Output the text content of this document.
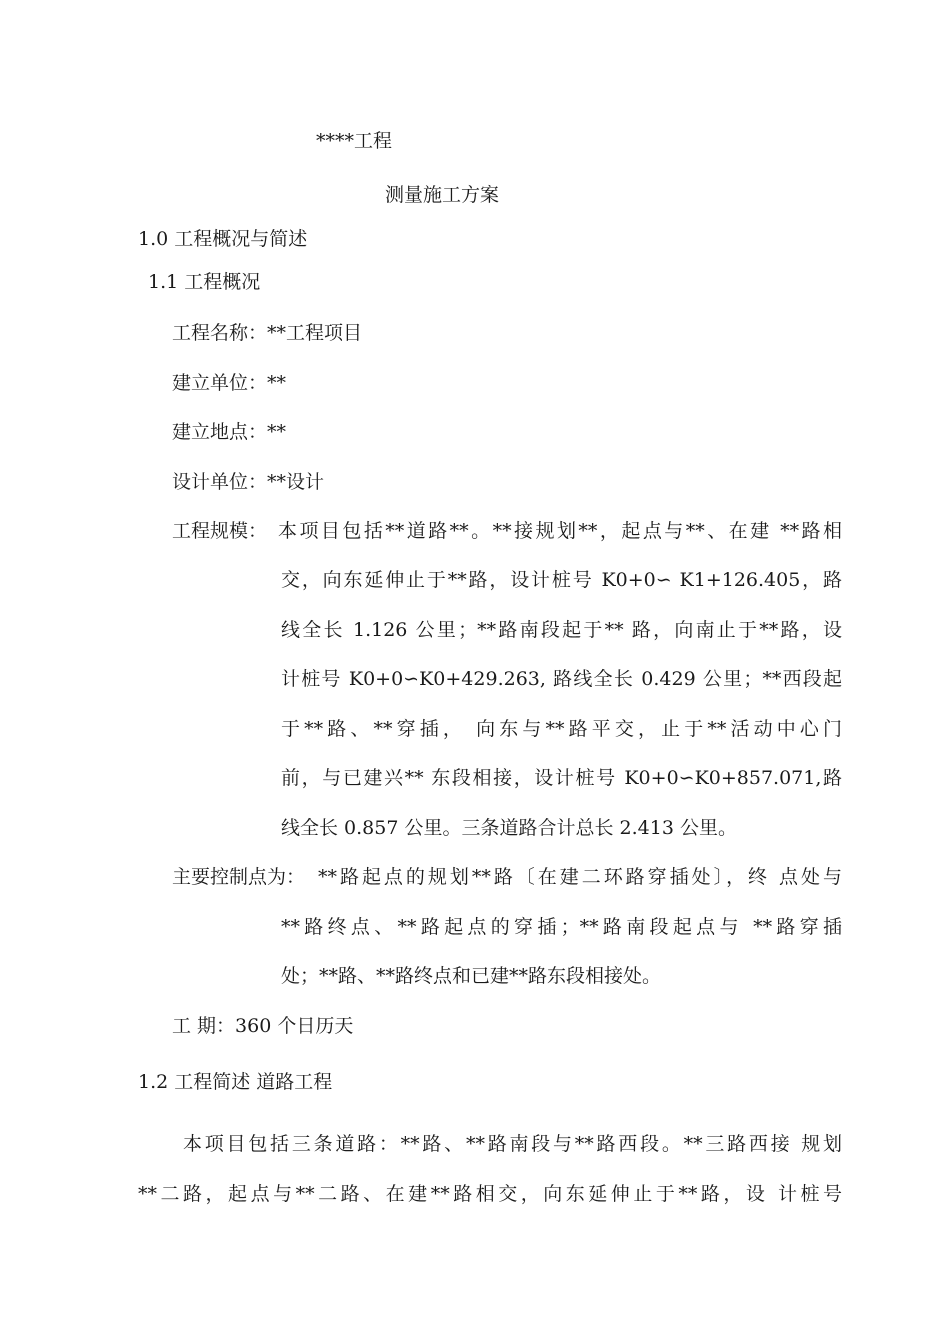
****工程
测量施工方案
1.0 工程概况与简述
1.1 工程概况
工程名称：**工程项目
建立单位：**
建立地点：**
设计单位：**设计
工程规模： 本项目包括**道路**。**接规划**，起点与**、在建 **路相
交，向东延伸止于**路，设计桩号 K0+0∽ K1+126.405，路
线全长 1.126 公里；**路南段起于** 路，向南止于**路，设
计桩号 K0+0∽K0+429.263, 路线全长 0.429 公里；**西段起
于**路、**穿插， 向东与**路平交，止于**活动中心门
前，与已建兴** 东段相接，设计桩号 K0+0∽K0+857.071,路
线全长 0.857 公里。三条道路合计总长 2.413 公里。
主要控制点为： **路起点的规划**路〔在建二环路穿插处〕，终 点处与
**路终点、**路起点的穿插；**路南段起点与 **路穿插
处；**路、**路终点和已建**路东段相接处。
工 期：360 个日历天
1.2 工程简述 道路工程
本项目包括三条道路：**路、**路南段与**路西段。**三路西接 规划
**二路，起点与**二路、在建**路相交，向东延伸止于**路，设 计桩号
